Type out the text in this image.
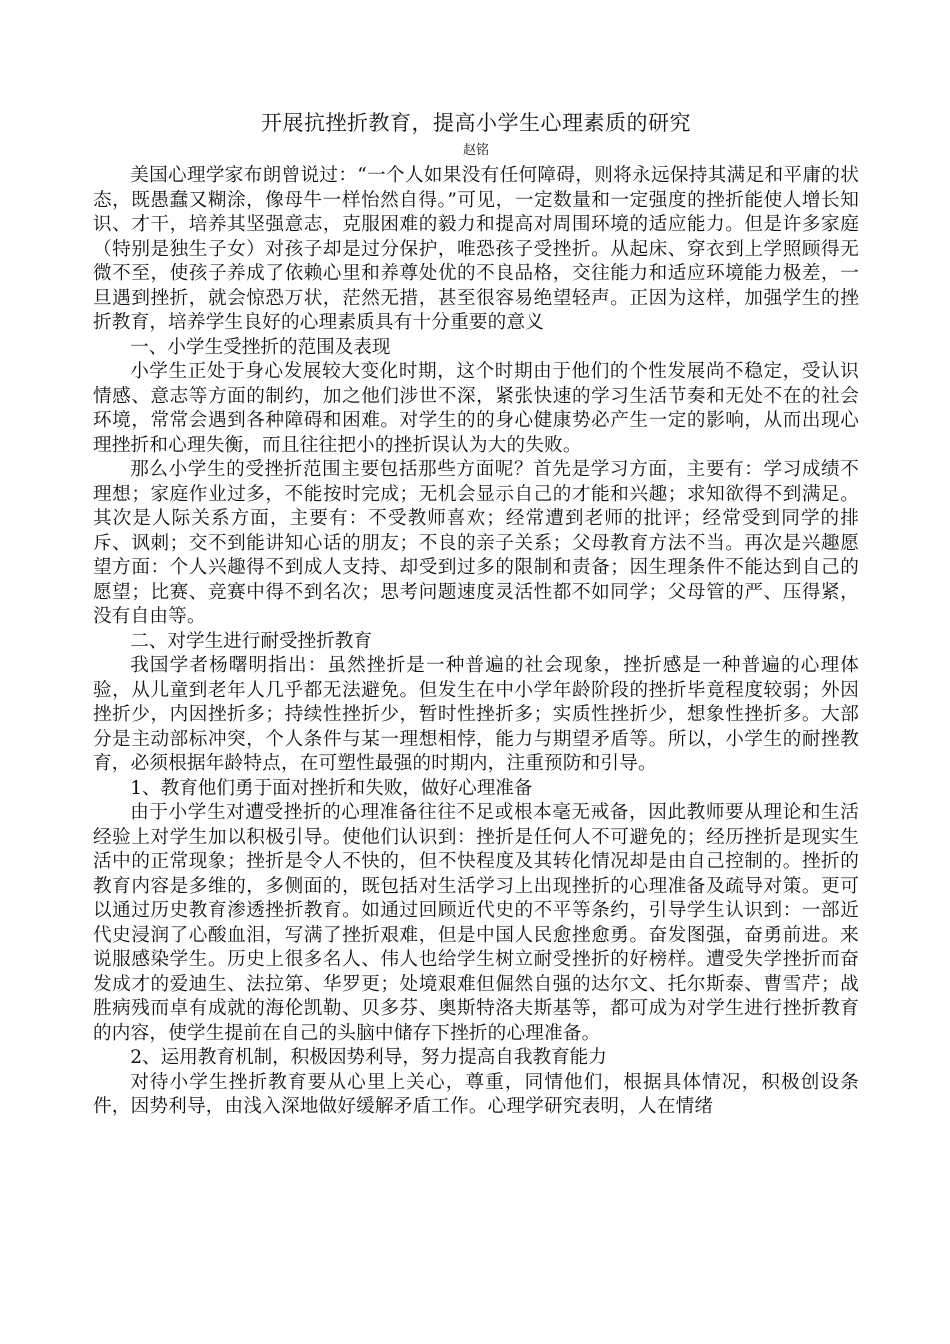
开展抗挫折教育，提高小学生心理素质的研究
赵铭

美国心理学家布朗曾说过：“一个人如果没有任何障碍，则将永远保持其满足和平庸的状态，既愚蠢又糊涂，像母牛一样怡然自得。”可见，一定数量和一定强度的挫折能使人增长知识、才干，培养其坚强意志，克服困难的毅力和提高对周围环境的适应能力。但是许多家庭（特别是独生子女）对孩子却是过分保护，唯恐孩子受挫折。从起床、穿衣到上学照顾得无微不至，使孩子养成了依赖心里和养尊处优的不良品格，交往能力和适应环境能力极差，一旦遇到挫折，就会惊恐万状，茫然无措，甚至很容易绝望轻声。正因为这样，加强学生的挫折教育，培养学生良好的心理素质具有十分重要的意义

一、小学生受挫折的范围及表现

小学生正处于身心发展较大变化时期，这个时期由于他们的个性发展尚不稳定，受认识情感、意志等方面的制约，加之他们涉世不深，紧张快速的学习生活节奏和无处不在的社会环境，常常会遇到各种障碍和困难。对学生的的身心健康势必产生一定的影响，从而出现心理挫折和心理失衡，而且往往把小的挫折误认为大的失败。

那么小学生的受挫折范围主要包括那些方面呢？首先是学习方面，主要有：学习成绩不理想；家庭作业过多，不能按时完成；无机会显示自己的才能和兴趣；求知欲得不到满足。其次是人际关系方面，主要有：不受教师喜欢；经常遭到老师的批评；经常受到同学的排斥、讽刺；交不到能讲知心话的朋友；不良的亲子关系；父母教育方法不当。再次是兴趣愿望方面：个人兴趣得不到成人支持、却受到过多的限制和责备；因生理条件不能达到自己的愿望；比赛、竞赛中得不到名次；思考问题速度灵活性都不如同学；父母管的严、压得紧，没有自由等。

二、对学生进行耐受挫折教育

我国学者杨曙明指出：虽然挫折是一种普遍的社会现象，挫折感是一种普遍的心理体验，从儿童到老年人几乎都无法避免。但发生在中小学年龄阶段的挫折毕竟程度较弱；外因挫折少，内因挫折多；持续性挫折少，暂时性挫折多；实质性挫折少，想象性挫折多。大部分是主动部标冲突，个人条件与某一理想相悖，能力与期望矛盾等。所以，小学生的耐挫教育，必须根据年龄特点，在可塑性最强的时期内，注重预防和引导。

1、教育他们勇于面对挫折和失败，做好心理准备

由于小学生对遭受挫折的心理准备往往不足或根本毫无戒备，因此教师要从理论和生活经验上对学生加以积极引导。使他们认识到：挫折是任何人不可避免的；经历挫折是现实生活中的正常现象；挫折是令人不快的，但不快程度及其转化情况却是由自己控制的。挫折的教育内容是多维的，多侧面的，既包括对生活学习上出现挫折的心理准备及疏导对策。更可以通过历史教育渗透挫折教育。如通过回顾近代史的不平等条约，引导学生认识到：一部近代史浸润了心酸血泪，写满了挫折艰难，但是中国人民愈挫愈勇。奋发图强，奋勇前进。来说服感染学生。历史上很多名人、伟人也给学生树立耐受挫折的好榜样。遭受失学挫折而奋发成才的爱迪生、法拉第、华罗更；处境艰难但倔然自强的达尔文、托尔斯泰、曹雪芹；战胜病残而卓有成就的海伦凯勒、贝多芬、奥斯特洛夫斯基等，都可成为对学生进行挫折教育的内容，使学生提前在自己的头脑中储存下挫折的心理准备。

2、运用教育机制，积极因势利导，努力提高自我教育能力

对待小学生挫折教育要从心里上关心，尊重，同情他们，根据具体情况，积极创设条件，因势利导，由浅入深地做好缓解矛盾工作。心理学研究表明，人在情绪
